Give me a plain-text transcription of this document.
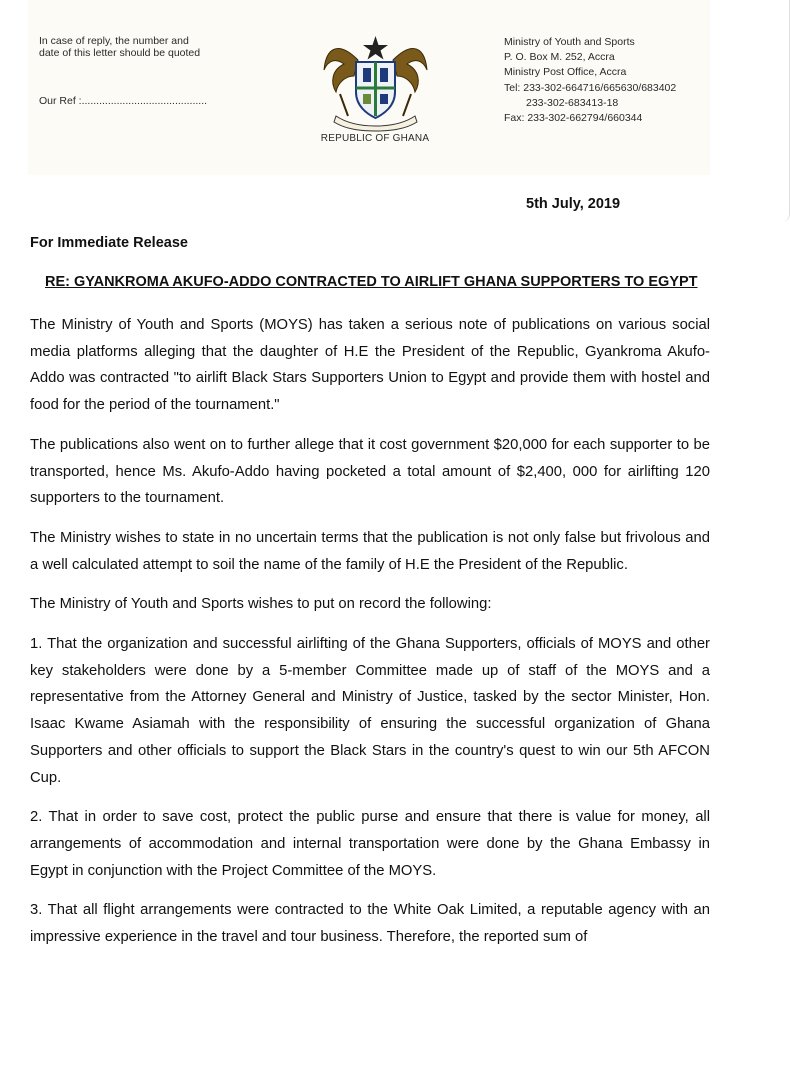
In case of reply, the number and
date of this letter should be quoted
Our Ref :...........................................
REPUBLIC OF GHANA
Ministry of Youth and Sports
P. O. Box M. 252, Accra
Ministry Post Office, Accra
Tel: 233-302-664716/665630/683402
233-302-683413-18
Fax: 233-302-662794/660344
5th July, 2019
For Immediate Release
RE: GYANKROMA AKUFO-ADDO CONTRACTED TO AIRLIFT GHANA SUPPORTERS TO EGYPT

The Ministry of Youth and Sports (MOYS) has taken a serious note of publications on various social media platforms alleging that the daughter of H.E the President of the Republic, Gyankroma Akufo-Addo was contracted "to airlift Black Stars Supporters Union to Egypt and provide them with hostel and food for the period of the tournament."

The publications also went on to further allege that it cost government $20,000 for each supporter to be transported, hence Ms. Akufo-Addo having pocketed a total amount of $2,400, 000 for airlifting 120 supporters to the tournament.

The Ministry wishes to state in no uncertain terms that the publication is not only false but frivolous and a well calculated attempt to soil the name of the family of H.E the President of the Republic.

The Ministry of Youth and Sports wishes to put on record the following:

1. That the organization and successful airlifting of the Ghana Supporters, officials of MOYS and other key stakeholders were done by a 5-member Committee made up of staff of the MOYS and a representative from the Attorney General and Ministry of Justice, tasked by the sector Minister, Hon. Isaac Kwame Asiamah with the responsibility of ensuring the successful organization of Ghana Supporters and other officials to support the Black Stars in the country's quest to win our 5th AFCON Cup.

2. That in order to save cost, protect the public purse and ensure that there is value for money, all arrangements of accommodation and internal transportation were done by the Ghana Embassy in Egypt in conjunction with the Project Committee of the MOYS.

3. That all flight arrangements were contracted to the White Oak Limited, a reputable agency with an impressive experience in the travel and tour business. Therefore, the reported sum of
